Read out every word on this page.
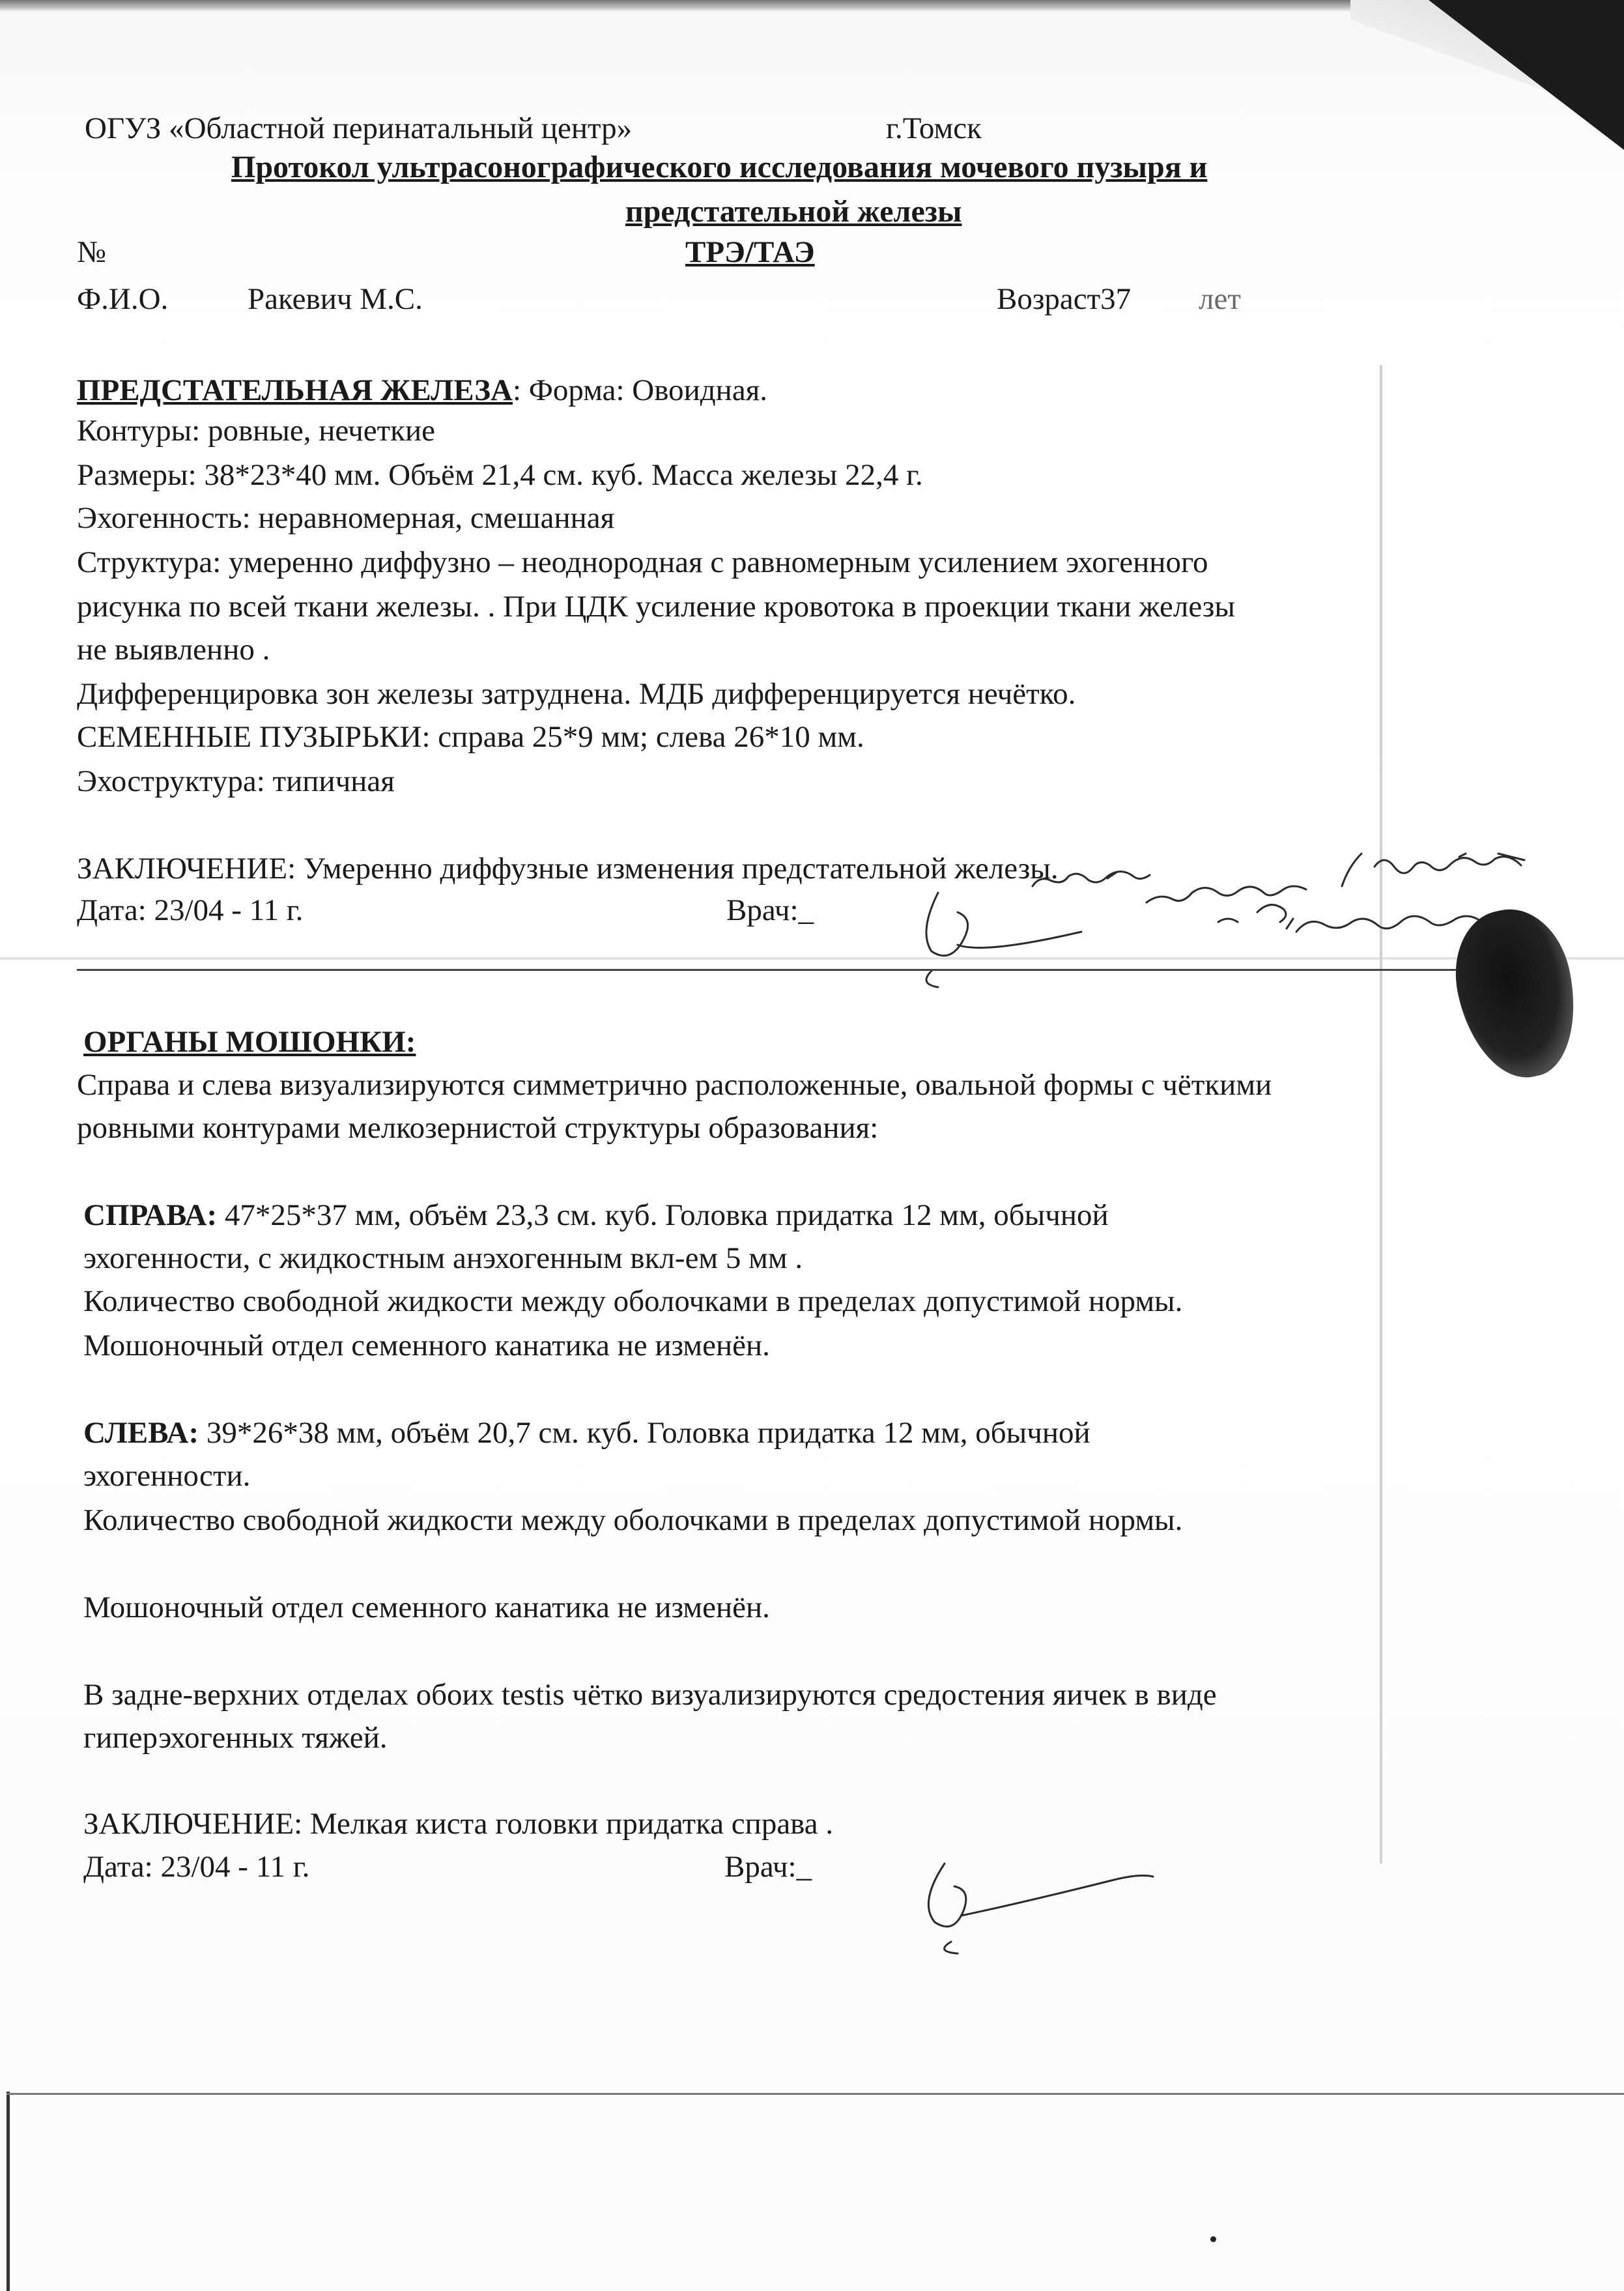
ОГУЗ «Областной перинатальный центр»	г.Томск
Протокол ультрасонографического исследования мочевого пузыря и
предстательной железы
№	ТРЭ/ТАЭ
Ф.И.О.	Ракевич М.С.	Возраст37 лет
ПРЕДСТАТЕЛЬНАЯ ЖЕЛЕЗА: Форма: Овоидная.
Контуры: ровные, нечеткие
Размеры: 38*23*40 мм. Объём 21,4 см. куб. Масса железы 22,4 г.
Эхогенность: неравномерная, смешанная
Структура: умеренно диффузно – неоднородная с равномерным усилением эхогенного
рисунка по всей ткани железы. . При ЦДК усиление кровотока в проекции ткани железы
не выявленно .
Дифференцировка зон железы затруднена. МДБ дифференцируется нечётко.
СЕМЕННЫЕ ПУЗЫРЬКИ: справа 25*9 мм; слева 26*10 мм.
Эхоструктура: типичная
ЗАКЛЮЧЕНИЕ: Умеренно диффузные изменения предстательной железы.
Дата: 23/04 - 11 г.	Врач:_
ОРГАНЫ МОШОНКИ:
Справа и слева визуализируются симметрично расположенные, овальной формы с чёткими
ровными контурами мелкозернистой структуры образования:
СПРАВА: 47*25*37 мм, объём 23,3 см. куб. Головка придатка 12 мм, обычной
эхогенности, с жидкостным анэхогенным вкл-ем 5 мм .
Количество свободной жидкости между оболочками в пределах допустимой нормы.
Мошоночный отдел семенного канатика не изменён.
СЛЕВА: 39*26*38 мм, объём 20,7 см. куб. Головка придатка 12 мм, обычной
эхогенности.
Количество свободной жидкости между оболочками в пределах допустимой нормы.
Мошоночный отдел семенного канатика не изменён.
В задне-верхних отделах обоих testis чётко визуализируются средостения яичек в виде
гиперэхогенных тяжей.
ЗАКЛЮЧЕНИЕ: Мелкая киста головки придатка справа .
Дата: 23/04 - 11 г.	Врач:_
